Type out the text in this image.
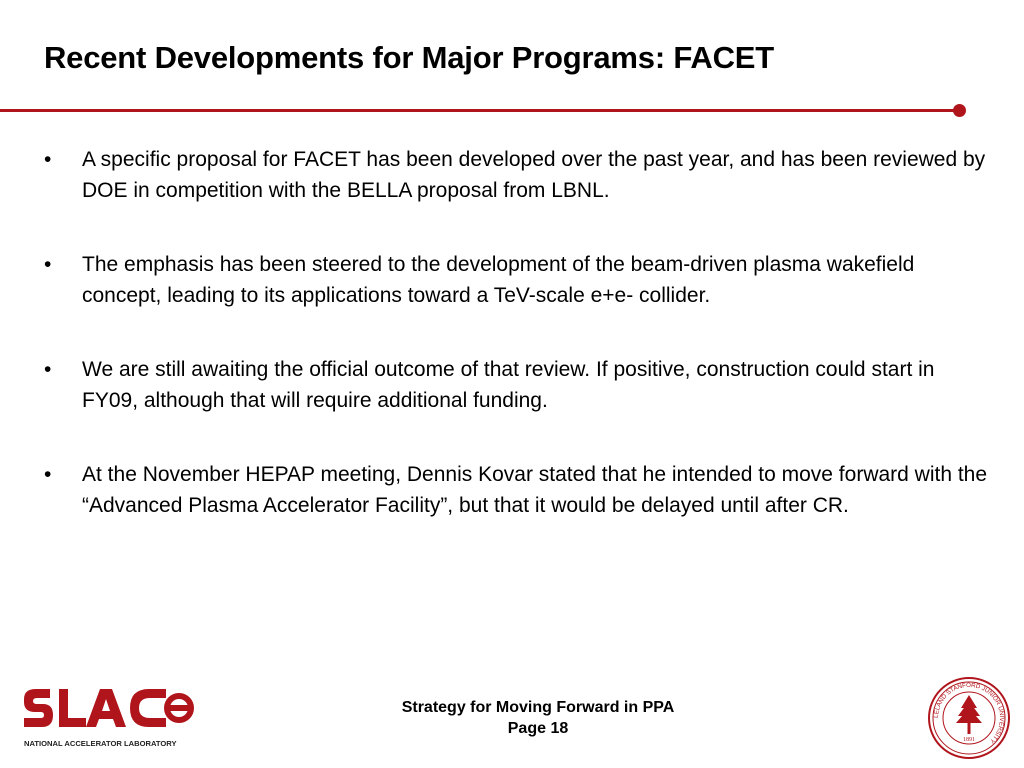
Recent Developments for Major Programs: FACET
• A specific proposal for FACET has been developed over the past year, and has been reviewed by DOE in competition with the BELLA proposal from LBNL.
• The emphasis has been steered to the development of the beam-driven plasma wakefield concept, leading to its applications toward a TeV-scale e+e- collider.
• We are still awaiting the official outcome of that review. If positive, construction could start in FY09, although that will require additional funding.
• At the November HEPAP meeting, Dennis Kovar stated that he intended to move forward with the “Advanced Plasma Accelerator Facility”, but that it would be delayed until after CR.
NATIONAL ACCELERATOR LABORATORY
Strategy for Moving Forward in PPA
Page 18
LELAND STANFORD JUNIOR UNIVERSITY
1891
